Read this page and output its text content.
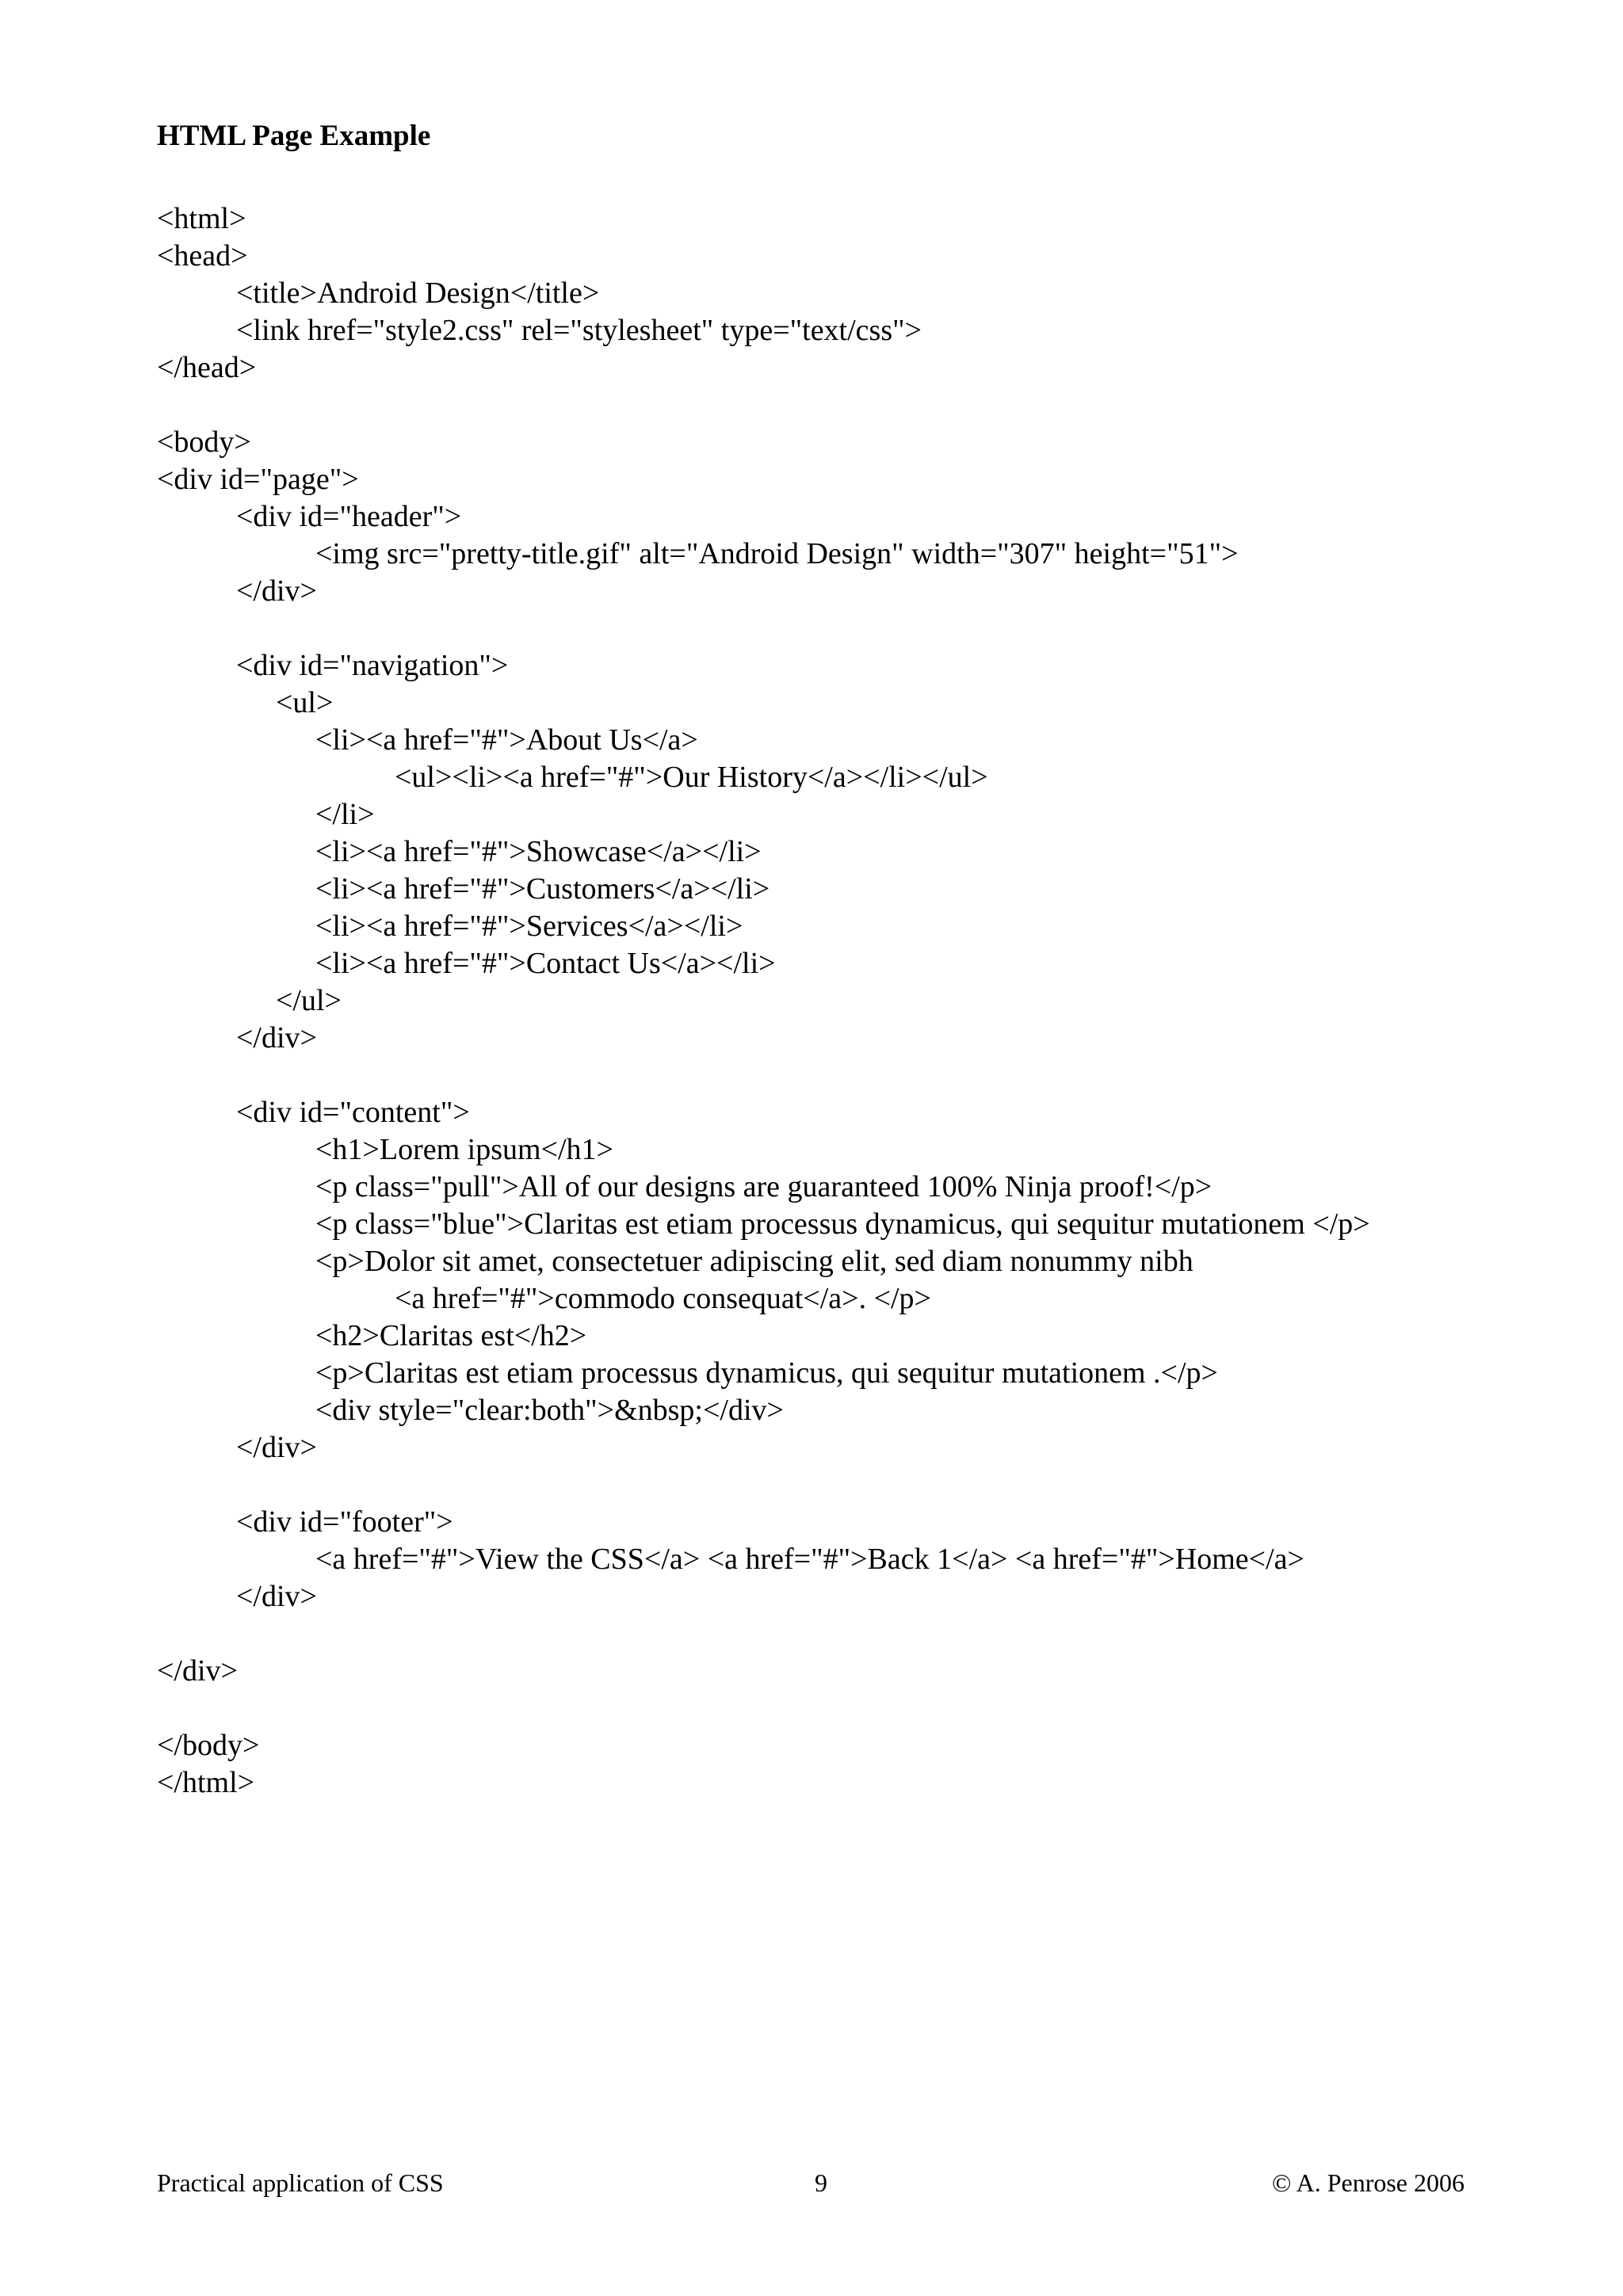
HTML Page Example
<html>
<head>
<title>Android Design</title>
<link href="style2.css" rel="stylesheet" type="text/css">
</head>
<body>
<div id="page">
<div id="header">
<img src="pretty-title.gif" alt="Android Design" width="307" height="51">
</div>
<div id="navigation">
<ul>
<li><a href="#">About Us</a>
<ul><li><a href="#">Our History</a></li></ul>
</li>
<li><a href="#">Showcase</a></li>
<li><a href="#">Customers</a></li>
<li><a href="#">Services</a></li>
<li><a href="#">Contact Us</a></li>
</ul>
</div>
<div id="content">
<h1>Lorem ipsum</h1>
<p class="pull">All of our designs are guaranteed 100% Ninja proof!</p>
<p class="blue">Claritas est etiam processus dynamicus, qui sequitur mutationem </p>
<p>Dolor sit amet, consectetuer adipiscing elit, sed diam nonummy nibh
<a href="#">commodo consequat</a>. </p>
<h2>Claritas est</h2>
<p>Claritas est etiam processus dynamicus, qui sequitur mutationem .</p>
<div style="clear:both">&nbsp;</div>
</div>
<div id="footer">
<a href="#">View the CSS</a> <a href="#">Back 1</a> <a href="#">Home</a>
</div>
</div>
</body>
</html>
Practical application of CSS	9	© A. Penrose 2006
